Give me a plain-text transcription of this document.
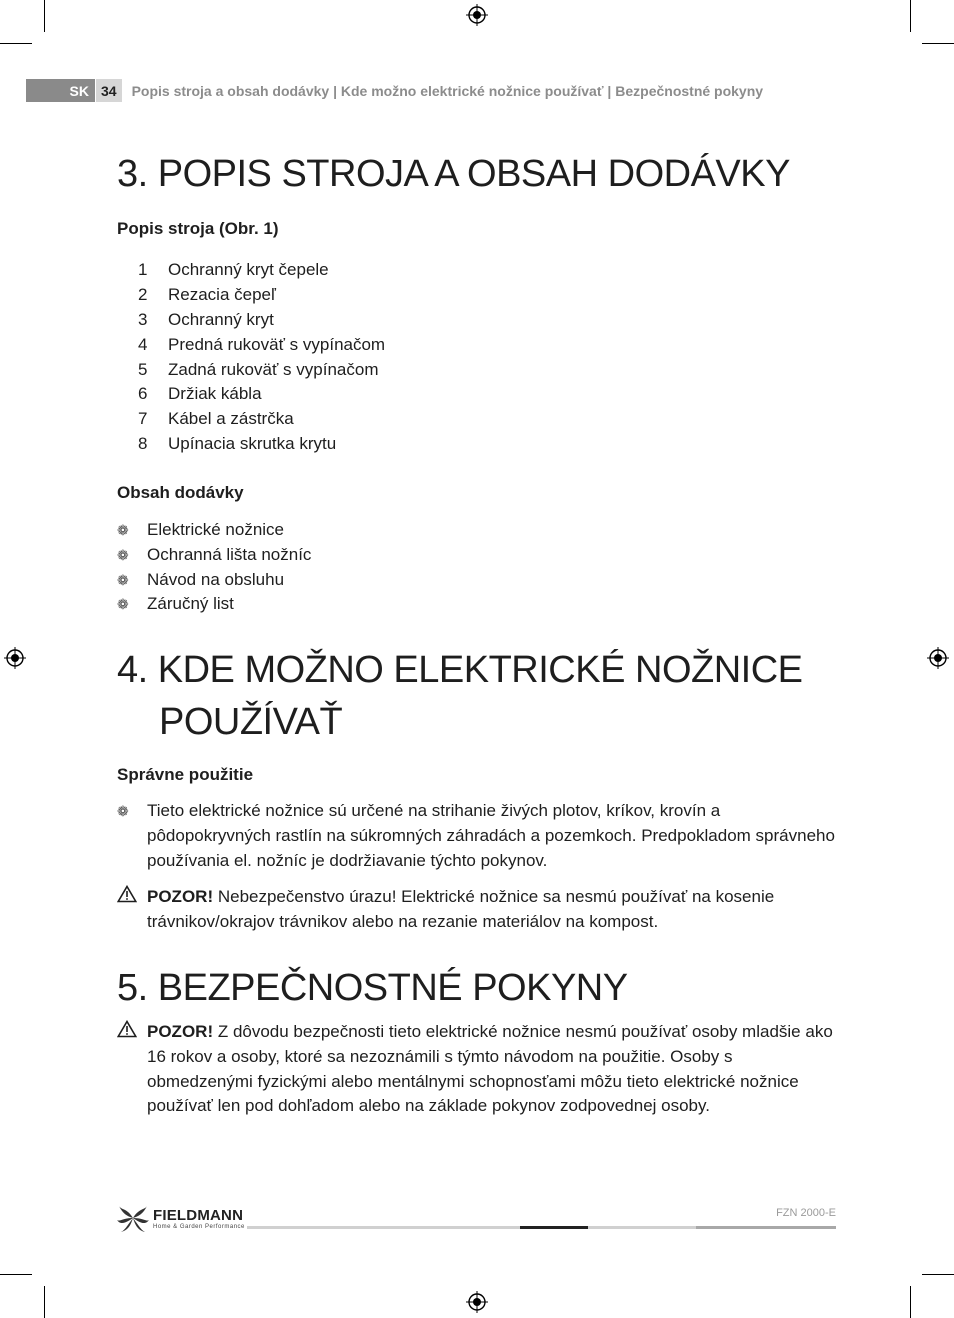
SK 34	Popis stroja a obsah dodávky | Kde možno elektrické nožnice používať | Bezpečnostné pokyny
3. POPIS STROJA A OBSAH DODÁVKY
Popis stroja (Obr. 1)
1	Ochranný kryt čepele
2	Rezacia čepeľ
3	Ochranný kryt
4	Predná rukoväť s vypínačom
5	Zadná rukoväť s vypínačom
6	Držiak kábla
7	Kábel a zástrčka
8	Upínacia skrutka krytu
Obsah dodávky
❁	Elektrické nožnice
❁	Ochranná lišta nožníc
❁	Návod na obsluhu
❁	Záručný list
4. KDE MOŽNO ELEKTRICKÉ NOŽNICE
POUŽÍVAŤ
Správne použitie
❁	Tieto elektrické nožnice sú určené na strihanie živých plotov, kríkov, krovín a pôdopokryvných rastlín na súkromných záhradách a pozemkoch. Predpokladom správneho používania el. nožníc je dodržiavanie týchto pokynov.
POZOR! Nebezpečenstvo úrazu! Elektrické nožnice sa nesmú používať na kosenie trávnikov/okrajov trávnikov alebo na rezanie materiálov na kompost.
5. BEZPEČNOSTNÉ POKYNY
POZOR! Z dôvodu bezpečnosti tieto elektrické nožnice nesmú používať osoby mladšie ako 16 rokov a osoby, ktoré sa nezoznámili s týmto návodom na použitie. Osoby s obmedzenými fyzickými alebo mentálnymi schopnosťami môžu tieto elektrické nožnice používať len pod dohľadom alebo na základe pokynov zodpovednej osoby.
FIELDMANN
Home & Garden Performance
FZN 2000-E
